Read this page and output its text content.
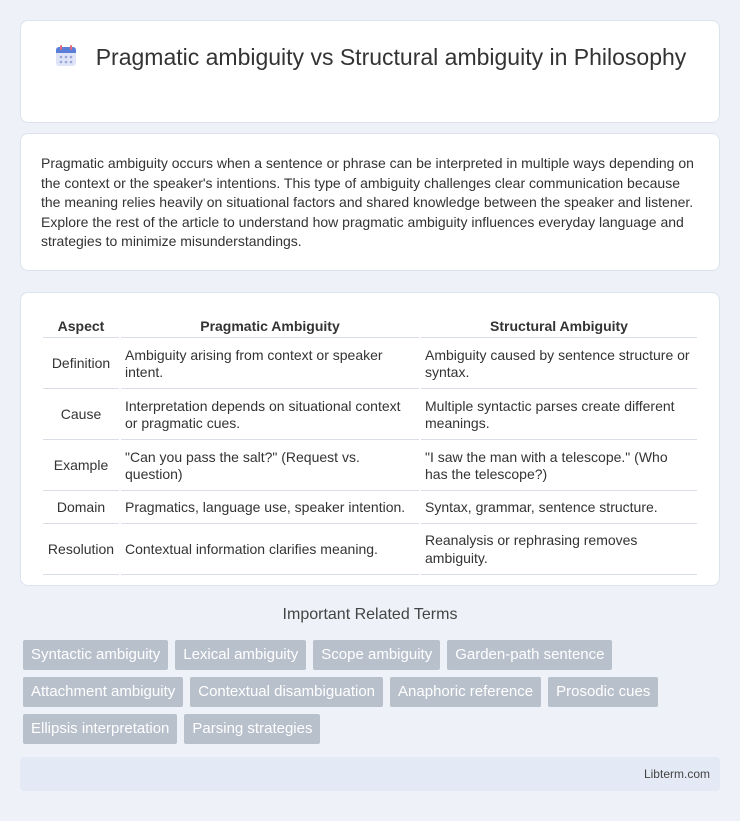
Pragmatic ambiguity vs Structural ambiguity in Philosophy

Pragmatic ambiguity occurs when a sentence or phrase can be interpreted in multiple ways depending on the context or the speaker's intentions. This type of ambiguity challenges clear communication because the meaning relies heavily on situational factors and shared knowledge between the speaker and listener. Explore the rest of the article to understand how pragmatic ambiguity influences everyday language and strategies to minimize misunderstandings.

Aspect	Pragmatic Ambiguity	Structural Ambiguity
Definition	Ambiguity arising from context or speaker intent.	Ambiguity caused by sentence structure or syntax.
Cause	Interpretation depends on situational context or pragmatic cues.	Multiple syntactic parses create different meanings.
Example	"Can you pass the salt?" (Request vs. question)	"I saw the man with a telescope." (Who has the telescope?)
Domain	Pragmatics, language use, speaker intention.	Syntax, grammar, sentence structure.
Resolution	Contextual information clarifies meaning.	Reanalysis or rephrasing removes ambiguity.
Important Related Terms
Syntactic ambiguity	Lexical ambiguity	Scope ambiguity	Garden-path sentence
Attachment ambiguity	Contextual disambiguation	Anaphoric reference	Prosodic cues
Ellipsis interpretation	Parsing strategies
Libterm.com
